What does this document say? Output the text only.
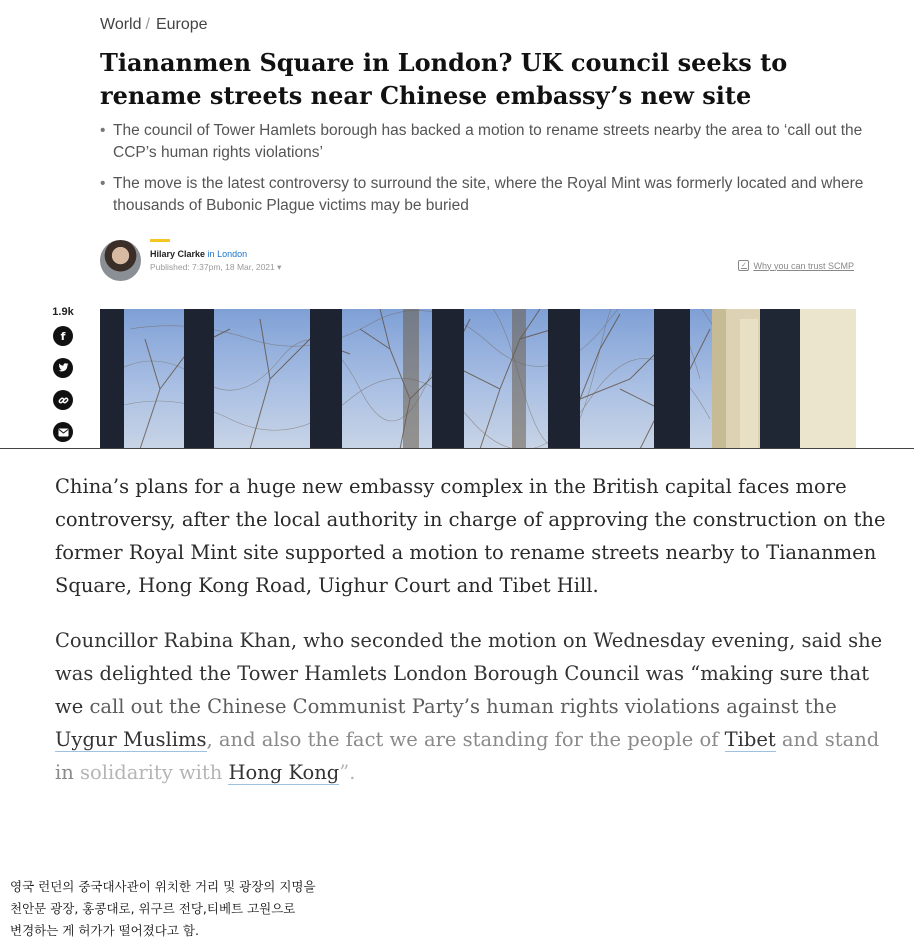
World / Europe
Tiananmen Square in London? UK council seeks to rename streets near Chinese embassy’s new site
• The council of Tower Hamlets borough has backed a motion to rename streets nearby the area to ‘call out the CCP’s human rights violations’
• The move is the latest controversy to surround the site, where the Royal Mint was formerly located and where thousands of Bubonic Plague victims may be buried
Hilary Clarke in London
Published: 7:37pm, 18 Mar, 2021 ▾	✓ Why you can trust SCMP
1.9k
f

China’s plans for a huge new embassy complex in the British capital faces more controversy, after the local authority in charge of approving the construction on the former Royal Mint site supported a motion to rename streets nearby to Tiananmen Square, Hong Kong Road, Uighur Court and Tibet Hill.

Councillor Rabina Khan, who seconded the motion on Wednesday evening, said she was delighted the Tower Hamlets London Borough Council was “making sure that we call out the Chinese Communist Party’s human rights violations against the Uygur Muslims, and also the fact we are standing for the people of Tibet and stand in solidarity with Hong Kong”.

영국 런던의 중국대사관이 위치한 거리 및 광장의 지명을
천안문 광장, 홍콩대로, 위구르 전당,티베트 고원으로
변경하는 게 허가가 떨어졌다고 함.
